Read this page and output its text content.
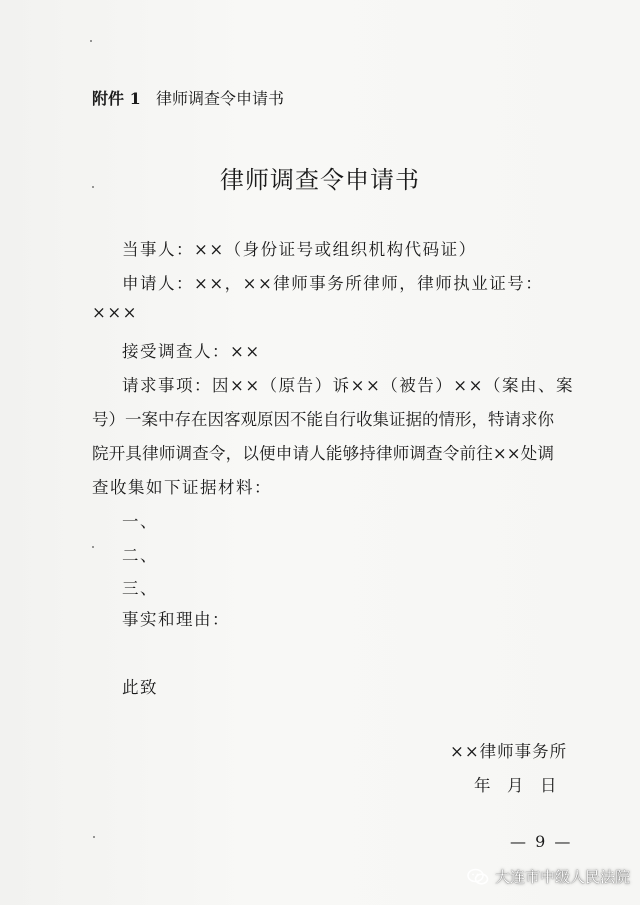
附件 1 律师调查令申请书
律师调查令申请书
当事人：××（身份证号或组织机构代码证）
申请人：××，××律师事务所律师，律师执业证号：
×××
接受调查人：××
请求事项：因××（原告）诉××（被告）××（案由、案
号）一案中存在因客观原因不能自行收集证据的情形，特请求你
院开具律师调查令，以便申请人能够持律师调查令前往××处调
查收集如下证据材料：
一、
二、
三、
事实和理由：
此致
××律师事务所
年　月　日
— 9 —
大连市中级人民法院
